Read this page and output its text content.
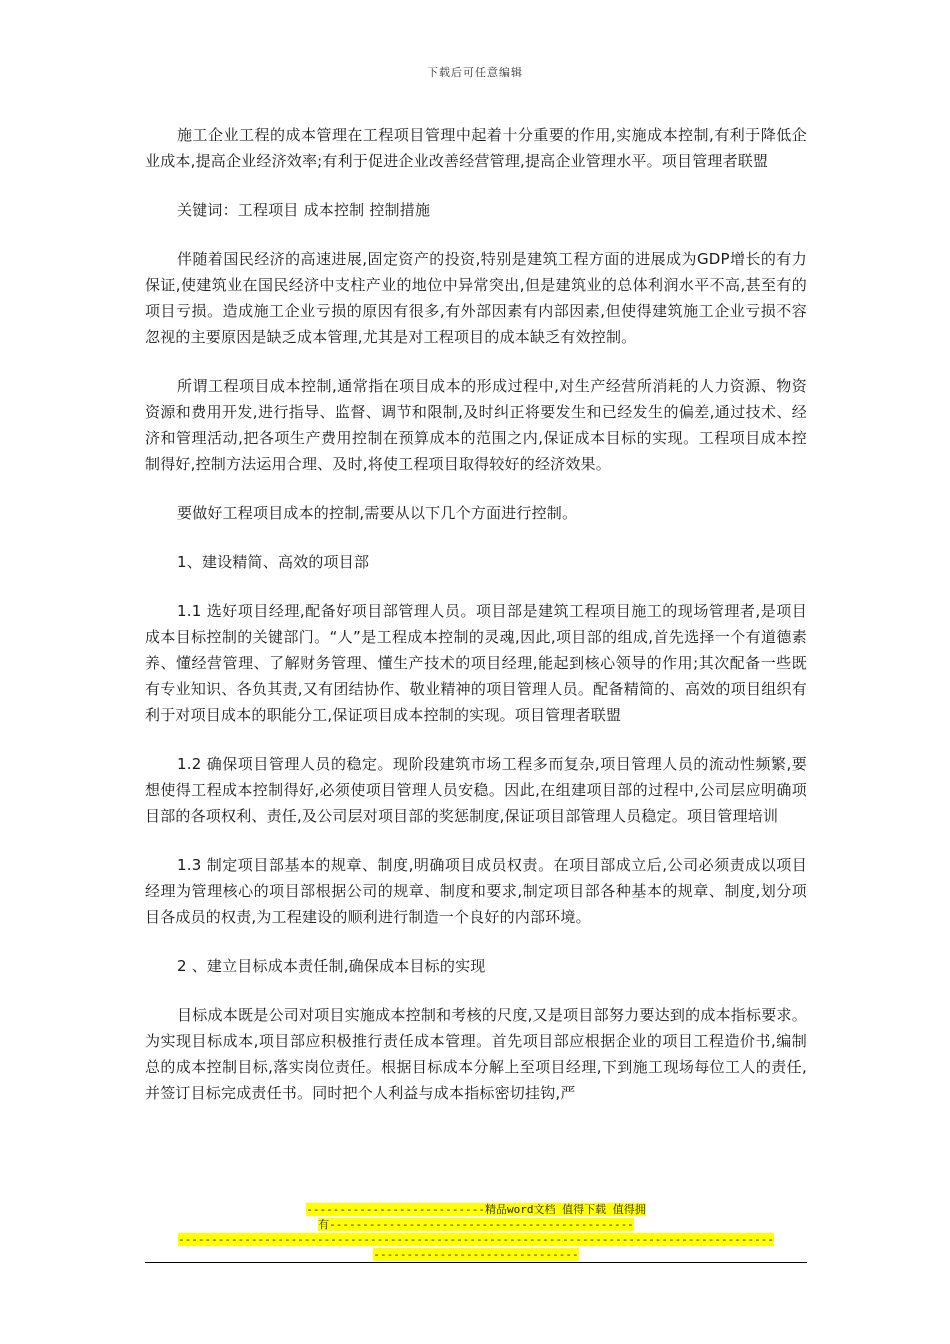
下载后可任意编辑

施工企业工程的成本管理在工程项目管理中起着十分重要的作用,实施成本控制,有利于降低企业成本,提高企业经济效率;有利于促进企业改善经营管理,提高企业管理水平。项目管理者联盟

关键词：工程项目 成本控制 控制措施

伴随着国民经济的高速进展,固定资产的投资,特别是建筑工程方面的进展成为GDP增长的有力保证,使建筑业在国民经济中支柱产业的地位中异常突出,但是建筑业的总体利润水平不高,甚至有的项目亏损。造成施工企业亏损的原因有很多,有外部因素有内部因素,但使得建筑施工企业亏损不容忽视的主要原因是缺乏成本管理,尤其是对工程项目的成本缺乏有效控制。

所谓工程项目成本控制,通常指在项目成本的形成过程中,对生产经营所消耗的人力资源、物资资源和费用开发,进行指导、监督、调节和限制,及时纠正将要发生和已经发生的偏差,通过技术、经济和管理活动,把各项生产费用控制在预算成本的范围之内,保证成本目标的实现。工程项目成本控制得好,控制方法运用合理、及时,将使工程项目取得较好的经济效果。

要做好工程项目成本的控制,需要从以下几个方面进行控制。

1、建设精简、高效的项目部

1.1 选好项目经理,配备好项目部管理人员。项目部是建筑工程项目施工的现场管理者,是项目成本目标控制的关键部门。“人”是工程成本控制的灵魂,因此,项目部的组成,首先选择一个有道德素养、懂经营管理、了解财务管理、懂生产技术的项目经理,能起到核心领导的作用;其次配备一些既有专业知识、各负其责,又有团结协作、敬业精神的项目管理人员。配备精简的、高效的项目组织有利于对项目成本的职能分工,保证项目成本控制的实现。项目管理者联盟

1.2 确保项目管理人员的稳定。现阶段建筑市场工程多而复杂,项目管理人员的流动性频繁,要想使得工程成本控制得好,必须使项目管理人员安稳。因此,在组建项目部的过程中,公司层应明确项目部的各项权利、责任,及公司层对项目部的奖惩制度,保证项目部管理人员稳定。项目管理培训

1.3 制定项目部基本的规章、制度,明确项目成员权责。在项目部成立后,公司必须责成以项目经理为管理核心的项目部根据公司的规章、制度和要求,制定项目部各种基本的规章、制度,划分项目各成员的权责,为工程建设的顺利进行制造一个良好的内部环境。

2 、建立目标成本责任制,确保成本目标的实现

目标成本既是公司对项目实施成本控制和考核的尺度,又是项目部努力要达到的成本指标要求。为实现目标成本,项目部应积极推行责任成本管理。首先项目部应根据企业的项目工程造价书,编制总的成本控制目标,落实岗位责任。根据目标成本分解上至项目经理,下到施工现场每位工人的责任,并签订目标完成责任书。同时把个人利益与成本指标密切挂钩,严

---------------------------精品word文档 值得下载 值得拥
有----------------------------------------------
------------------------------------------------------------------------------------------
-------------------------------
